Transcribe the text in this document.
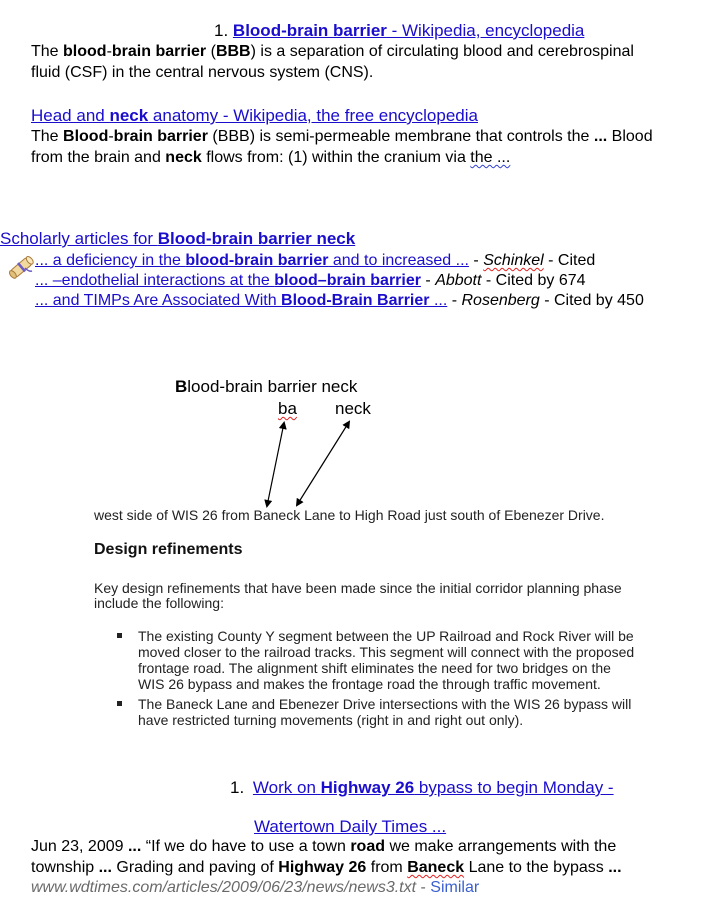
1. Blood-brain barrier - Wikipedia, encyclopedia
The blood-brain barrier (BBB) is a separation of circulating blood and cerebrospinal
fluid (CSF) in the central nervous system (CNS).
Head and neck anatomy - Wikipedia, the free encyclopedia
The Blood-brain barrier (BBB) is semi-permeable membrane that controls the ... Blood
from the brain and neck flows from: (1) within the cranium via the ...
Scholarly articles for Blood-brain barrier neck
... a deficiency in the blood-brain barrier and to increased ... - Schinkel - Cited
... –endothelial interactions at the blood–brain barrier - Abbott - Cited by 674
... and TIMPs Are Associated With Blood-Brain Barrier ... - Rosenberg - Cited by 450
Blood-brain barrier neck
ba neck
west side of WIS 26 from Baneck Lane to High Road just south of Ebenezer Drive.
Design refinements
Key design refinements that have been made since the initial corridor planning phase
include the following:
The existing County Y segment between the UP Railroad and Rock River will be
moved closer to the railroad tracks. This segment will connect with the proposed
frontage road. The alignment shift eliminates the need for two bridges on the
WIS 26 bypass and makes the frontage road the through traffic movement.
The Baneck Lane and Ebenezer Drive intersections with the WIS 26 bypass will
have restricted turning movements (right in and right out only).
1. Work on Highway 26 bypass to begin Monday -
Watertown Daily Times ...
Jun 23, 2009 ... “If we do have to use a town road we make arrangements with the
township ... Grading and paving of Highway 26 from Baneck Lane to the bypass ...
www.wdtimes.com/articles/2009/06/23/news/news3.txt - Similar
